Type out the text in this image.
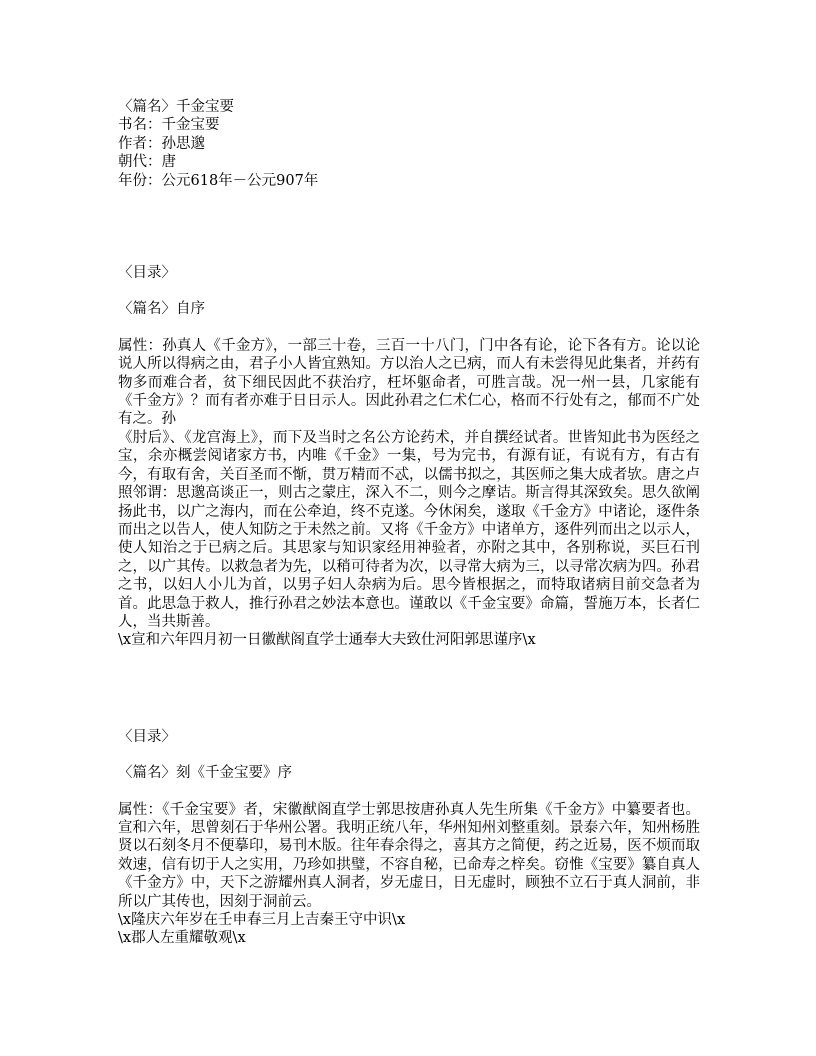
〈篇名〉千金宝要
书名：千金宝要
作者：孙思邈
朝代：唐
年份：公元618年－公元907年
〈目录〉
〈篇名〉自序
属性：孙真人《千金方》，一部三十卷，三百一十八门，门中各有论，论下各有方。论以论说人所以得病之由，君子小人皆宜熟知。方以治人之已病，而人有未尝得见此集者，并药有物多而难合者，贫下细民因此不获治疗，枉坏躯命者，可胜言哉。况一州一县，几家能有《千金方》？而有者亦难于日日示人。因此孙君之仁术仁心，格而不行处有之，郁而不广处有之。孙
《肘后》、《龙宫海上》，而下及当时之名公方论药术，并自撰经试者。世皆知此书为医经之宝，余亦概尝阅诸家方书，内唯《千金》一集，号为完书，有源有证，有说有方，有古有今，有取有舍，关百圣而不惭，贯万精而不忒，以儒书拟之，其医师之集大成者欤。唐之卢照邻谓：思邈高谈正一，则古之蒙庄，深入不二，则今之摩诘。斯言得其深致矣。思久欲阐扬此书，以广之海内，而在公牵迫，终不克遂。今休闲矣，遂取《千金方》中诸论，逐件条而出之以告人，使人知防之于未然之前。又将《千金方》中诸单方，逐件列而出之以示人，使人知治之于已病之后。其思家与知识家经用神验者，亦附之其中，各别称说，买巨石刊之，以广其传。以救急者为先，以稍可待者为次，以寻常大病为三，以寻常次病为四。孙君之书，以妇人小儿为首，以男子妇人杂病为后。思今皆根据之，而特取诸病目前交急者为首。此思急于救人，推行孙君之妙法本意也。谨敢以《千金宝要》命篇，誓施万本，长者仁人，当共斯善。
\x宣和六年四月初一日徽猷阁直学士通奉大夫致仕河阳郭思谨序\x
〈目录〉
〈篇名〉刻《千金宝要》序
属性：《千金宝要》者，宋徽猷阁直学士郭思按唐孙真人先生所集《千金方》中纂要者也。宣和六年，思曾刻石于华州公署。我明正统八年，华州知州刘整重刻。景泰六年，知州杨胜贤以石刻冬月不便摹印，易刊木版。往年春余得之，喜其方之简便，药之近易，医不烦而取效速，信有切于人之实用，乃珍如拱璧，不容自秘，已命寿之梓矣。窃惟《宝要》纂自真人《千金方》中，天下之游耀州真人洞者，岁无虚日，日无虚时，顾独不立石于真人洞前，非所以广其传也，因刻于洞前云。
\x隆庆六年岁在壬申春三月上吉秦王守中识\x
\x郡人左重耀敬观\x
